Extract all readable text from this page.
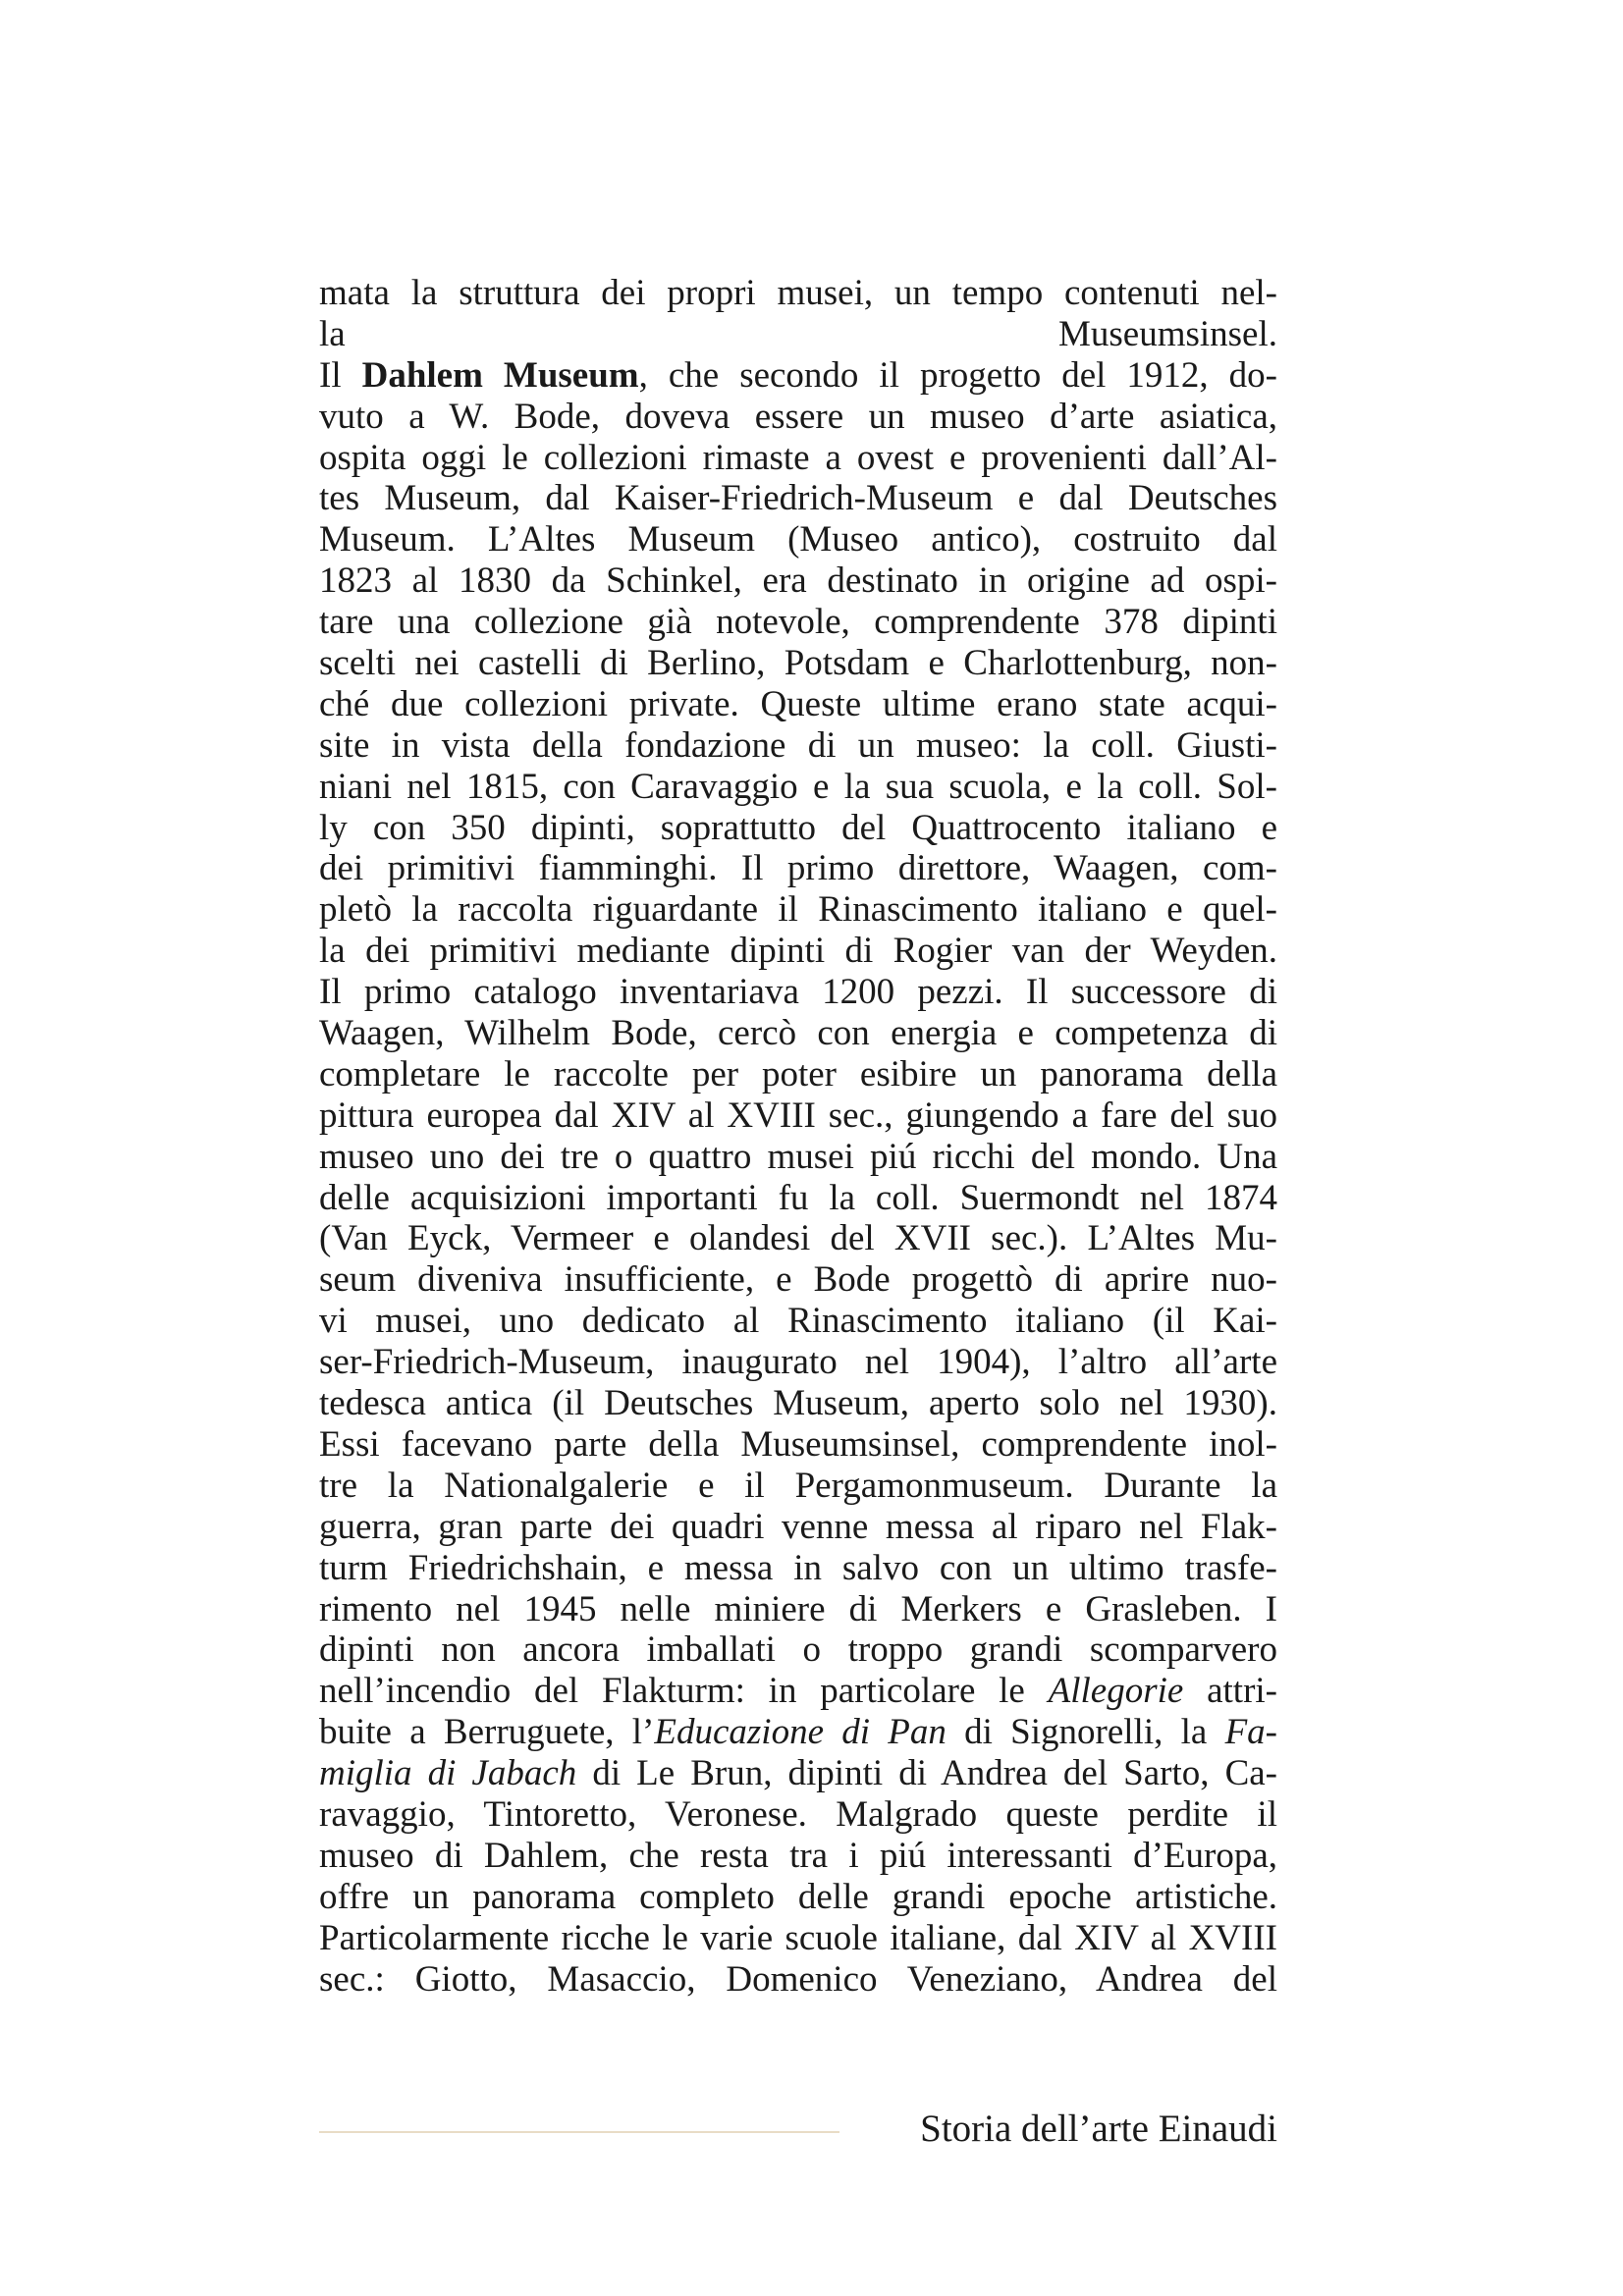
mata la struttura dei propri musei, un tempo contenuti nel-
la Museumsinsel.
Il Dahlem Museum, che secondo il progetto del 1912, do-
vuto a W. Bode, doveva essere un museo d’arte asiatica,
ospita oggi le collezioni rimaste a ovest e provenienti dall’Al-
tes Museum, dal Kaiser-Friedrich-Museum e dal Deutsches
Museum. L’Altes Museum (Museo antico), costruito dal
1823 al 1830 da Schinkel, era destinato in origine ad ospi-
tare una collezione già notevole, comprendente 378 dipinti
scelti nei castelli di Berlino, Potsdam e Charlottenburg, non-
ché due collezioni private. Queste ultime erano state acqui-
site in vista della fondazione di un museo: la coll. Giusti-
niani nel 1815, con Caravaggio e la sua scuola, e la coll. Sol-
ly con 350 dipinti, soprattutto del Quattrocento italiano e
dei primitivi fiamminghi. Il primo direttore, Waagen, com-
pletò la raccolta riguardante il Rinascimento italiano e quel-
la dei primitivi mediante dipinti di Rogier van der Weyden.
Il primo catalogo inventariava 1200 pezzi. Il successore di
Waagen, Wilhelm Bode, cercò con energia e competenza di
completare le raccolte per poter esibire un panorama della
pittura europea dal XIV al XVIII sec., giungendo a fare del suo
museo uno dei tre o quattro musei piú ricchi del mondo. Una
delle acquisizioni importanti fu la coll. Suermondt nel 1874
(Van Eyck, Vermeer e olandesi del XVII sec.). L’Altes Mu-
seum diveniva insufficiente, e Bode progettò di aprire nuo-
vi musei, uno dedicato al Rinascimento italiano (il Kai-
ser-Friedrich-Museum, inaugurato nel 1904), l’altro all’arte
tedesca antica (il Deutsches Museum, aperto solo nel 1930).
Essi facevano parte della Museumsinsel, comprendente inol-
tre la Nationalgalerie e il Pergamonmuseum. Durante la
guerra, gran parte dei quadri venne messa al riparo nel Flak-
turm Friedrichshain, e messa in salvo con un ultimo trasfe-
rimento nel 1945 nelle miniere di Merkers e Grasleben. I
dipinti non ancora imballati o troppo grandi scomparvero
nell’incendio del Flakturm: in particolare le Allegorie attri-
buite a Berruguete, l’Educazione di Pan di Signorelli, la Fa-
miglia di Jabach di Le Brun, dipinti di Andrea del Sarto, Ca-
ravaggio, Tintoretto, Veronese. Malgrado queste perdite il
museo di Dahlem, che resta tra i piú interessanti d’Europa,
offre un panorama completo delle grandi epoche artistiche.
Particolarmente ricche le varie scuole italiane, dal XIV al XVIII
sec.: Giotto, Masaccio, Domenico Veneziano, Andrea del
Storia dell’arte Einaudi
